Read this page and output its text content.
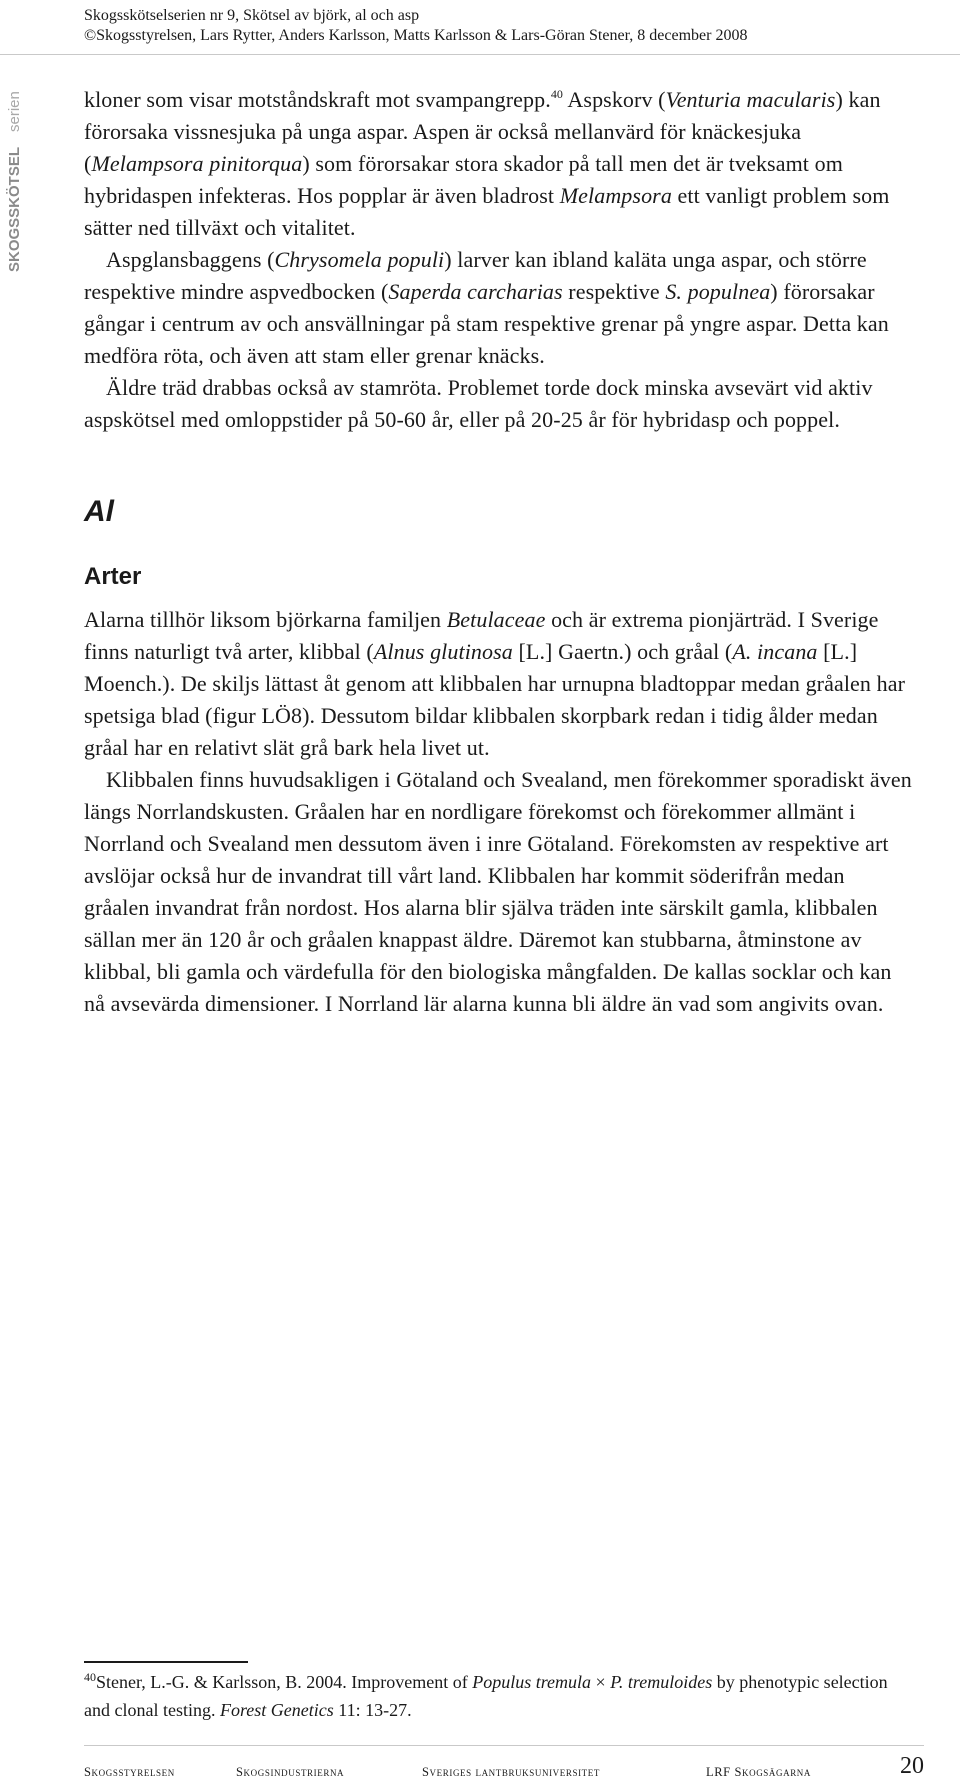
SKOGSSKÖTSEL
serien
Skogsskötselserien nr 9, Skötsel av björk, al och asp
©Skogsstyrelsen, Lars Rytter, Anders Karlsson, Matts Karlsson & Lars-Göran Stener, 8 december 2008

kloner som visar motståndskraft mot svampangrepp.$^{40}$ Aspskorv (Venturia macularis) kan förorsaka vissnesjuka på unga aspar. Aspen är också mellanvärd för knäckesjuka (Melampsora pinitorqua) som förorsakar stora skador på tall men det är tveksamt om hybridaspen infekteras. Hos popplar är även bladrost Melampsora ett vanligt problem som sätter ned tillväxt och vitalitet.

Aspglansbaggens (Chrysomela populi) larver kan ibland kaläta unga aspar, och större respektive mindre aspvedbocken (Saperda carcharias respektive S. populnea) förorsakar gångar i centrum av och ansvällningar på stam respektive grenar på yngre aspar. Detta kan medföra röta, och även att stam eller grenar knäcks.

Äldre träd drabbas också av stamröta. Problemet torde dock minska avsevärt vid aktiv aspskötsel med omloppstider på 50-60 år, eller på 20-25 år för hybridasp och poppel.

Al
Arter

Alarna tillhör liksom björkarna familjen Betulaceae och är extrema pionjärträd. I Sverige finns naturligt två arter, klibbal (Alnus glutinosa [L.] Gaertn.) och gråal (A. incana [L.] Moench.). De skiljs lättast åt genom att klibbalen har urnupna bladtoppar medan gråalen har spetsiga blad (figur LÖ8). Dessutom bildar klibbalen skorpbark redan i tidig ålder medan gråal har en relativt slät grå bark hela livet ut.

Klibbalen finns huvudsakligen i Götaland och Svealand, men förekommer sporadiskt även längs Norrlandskusten. Gråalen har en nordligare förekomst och förekommer allmänt i Norrland och Svealand men dessutom även i inre Götaland. Förekomsten av respektive art avslöjar också hur de invandrat till vårt land. Klibbalen har kommit söderifrån medan gråalen invandrat från nordost. Hos alarna blir själva träden inte särskilt gamla, klibbalen sällan mer än 120 år och gråalen knappast äldre. Däremot kan stubbarna, åtminstone av klibbal, bli gamla och värdefulla för den biologiska mångfalden. De kallas socklar och kan nå avsevärda dimensioner. I Norrland lär alarna kunna bli äldre än vad som angivits ovan.

$^{40}$Stener, L.-G. & Karlsson, B. 2004. Improvement of Populus tremula × P. tremuloides by phenotypic selection and clonal testing. Forest Genetics 11: 13-27.
Skogsstyrelsen	Skogsindustrierna	Sveriges lantbruksuniversitet	LRF Skogsägarna	20
